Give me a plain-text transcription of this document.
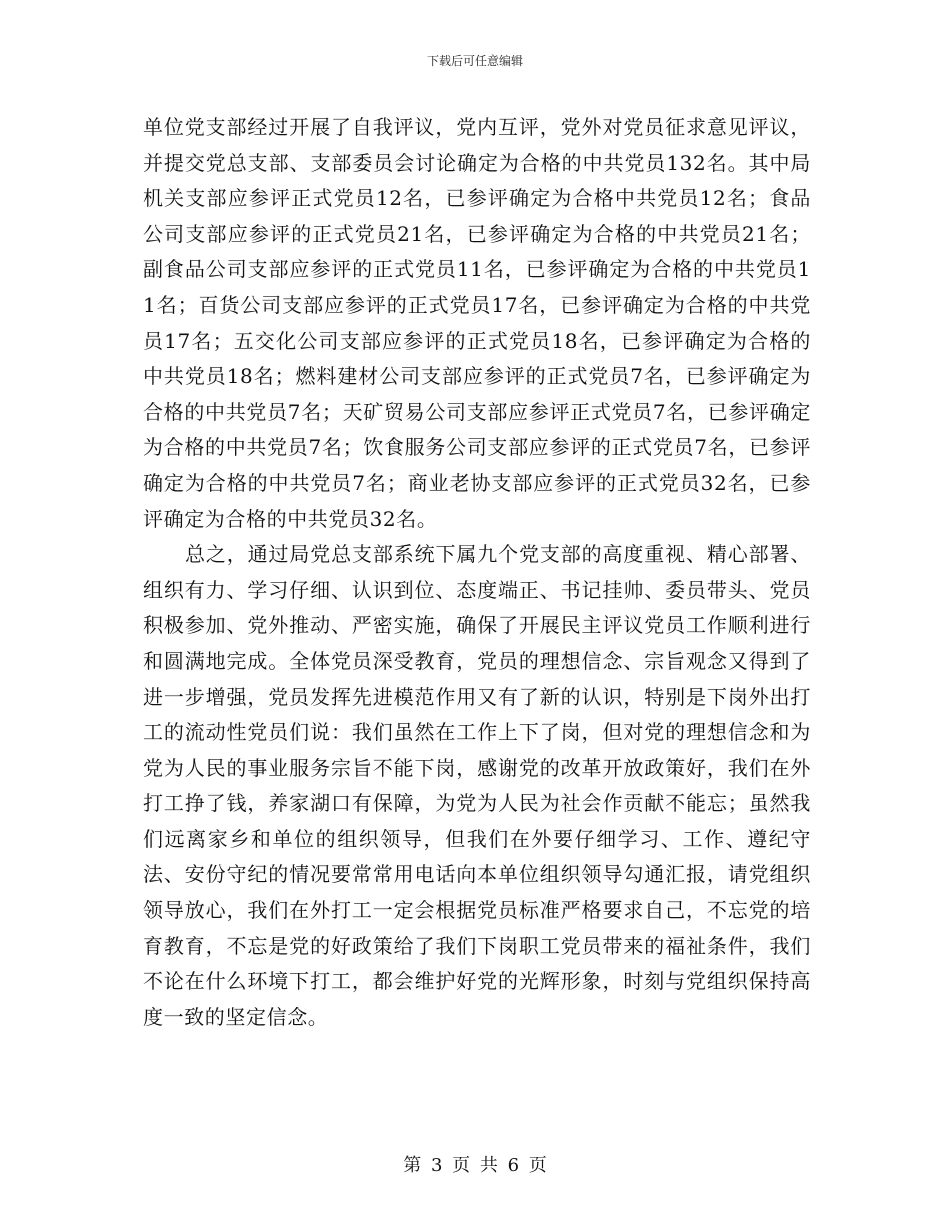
下载后可任意编辑

单位党支部经过开展了自我评议，党内互评，党外对党员征求意见评议，并提交党总支部、支部委员会讨论确定为合格的中共党员132名。其中局机关支部应参评正式党员12名，已参评确定为合格中共党员12名；食品公司支部应参评的正式党员21名，已参评确定为合格的中共党员21名；副食品公司支部应参评的正式党员11名，已参评确定为合格的中共党员11名；百货公司支部应参评的正式党员17名，已参评确定为合格的中共党员17名；五交化公司支部应参评的正式党员18名，已参评确定为合格的中共党员18名；燃料建材公司支部应参评的正式党员7名，已参评确定为合格的中共党员7名；天矿贸易公司支部应参评正式党员7名，已参评确定为合格的中共党员7名；饮食服务公司支部应参评的正式党员7名，已参评确定为合格的中共党员7名；商业老协支部应参评的正式党员32名，已参评确定为合格的中共党员32名。

总之，通过局党总支部系统下属九个党支部的高度重视、精心部署、组织有力、学习仔细、认识到位、态度端正、书记挂帅、委员带头、党员积极参加、党外推动、严密实施，确保了开展民主评议党员工作顺利进行和圆满地完成。全体党员深受教育，党员的理想信念、宗旨观念又得到了进一步增强，党员发挥先进模范作用又有了新的认识，特别是下岗外出打工的流动性党员们说：我们虽然在工作上下了岗，但对党的理想信念和为党为人民的事业服务宗旨不能下岗，感谢党的改革开放政策好，我们在外打工挣了钱，养家湖口有保障，为党为人民为社会作贡献不能忘；虽然我们远离家乡和单位的组织领导，但我们在外要仔细学习、工作、遵纪守法、安份守纪的情况要常常用电话向本单位组织领导勾通汇报，请党组织领导放心，我们在外打工一定会根据党员标准严格要求自己，不忘党的培育教育，不忘是党的好政策给了我们下岗职工党员带来的福祉条件，我们不论在什么环境下打工，都会维护好党的光辉形象，时刻与党组织保持高度一致的坚定信念。

第 3 页 共 6 页
